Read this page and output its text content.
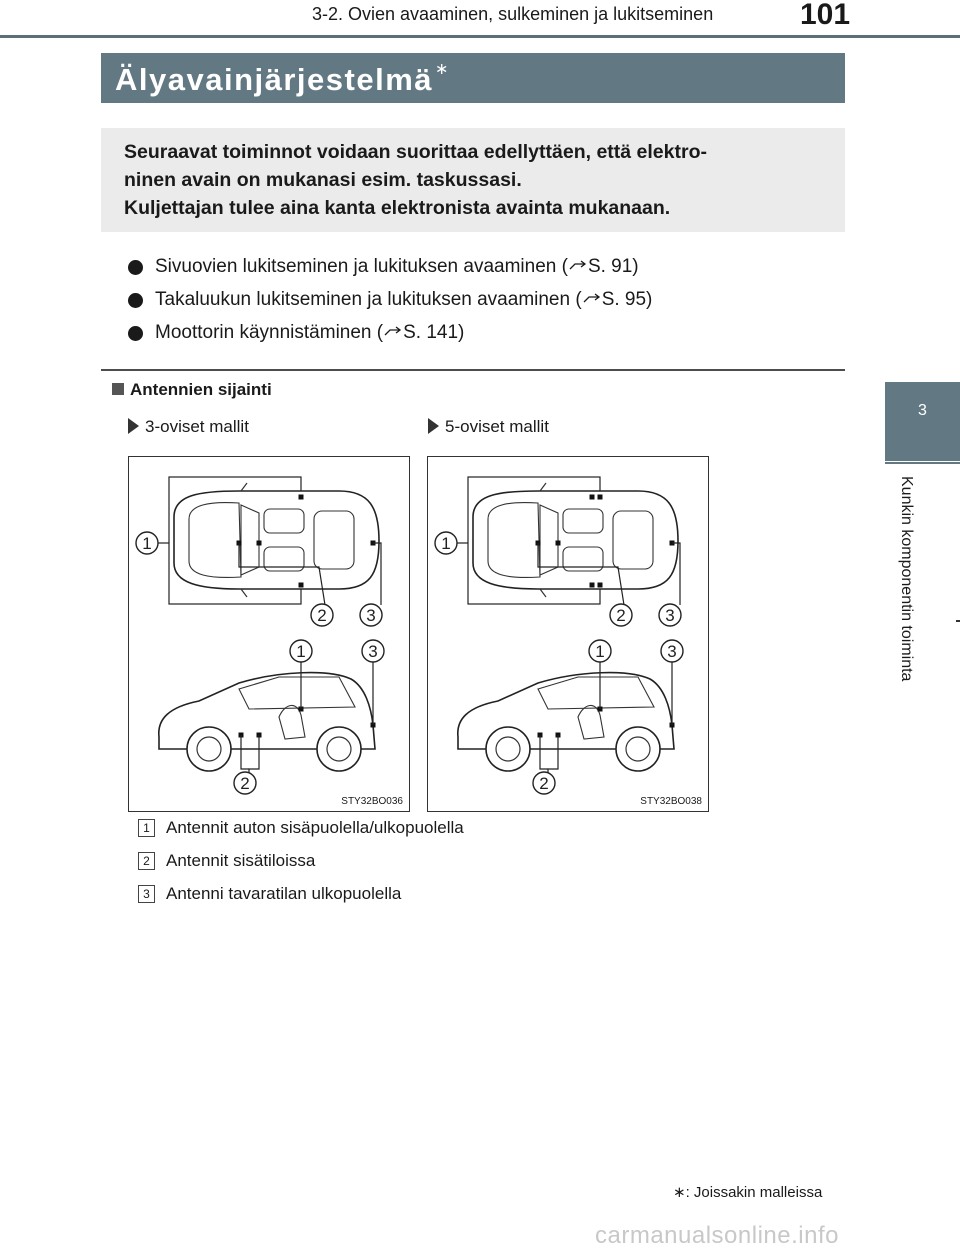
3-2. Ovien avaaminen, sulkeminen ja lukitseminen	101
3
Kunkin komponentin toiminta
Älyavainjärjestelmä ∗
Seuraavat toiminnot voidaan suorittaa edellyttäen, että elektro-
ninen avain on mukanasi esim. taskussasi.
Kuljettajan tulee aina kanta elektronista avainta mukanaan.
Sivuovien lukitseminen ja lukituksen avaaminen ( S. 91)
Takaluukun lukitseminen ja lukituksen avaaminen ( S. 95)
Moottorin käynnistäminen ( S. 141)
Antennien sijainti
3-oviset mallit	5-oviset mallit
1
2 3
1	3
2
STY32BO036
1
2 3
1	3
2
STY32BO038
1 Antennit auton sisäpuolella/ulkopuolella
2 Antennit sisätiloissa
3 Antenni tavaratilan ulkopuolella
∗: Joissakin malleissa
carmanualsonline.info
